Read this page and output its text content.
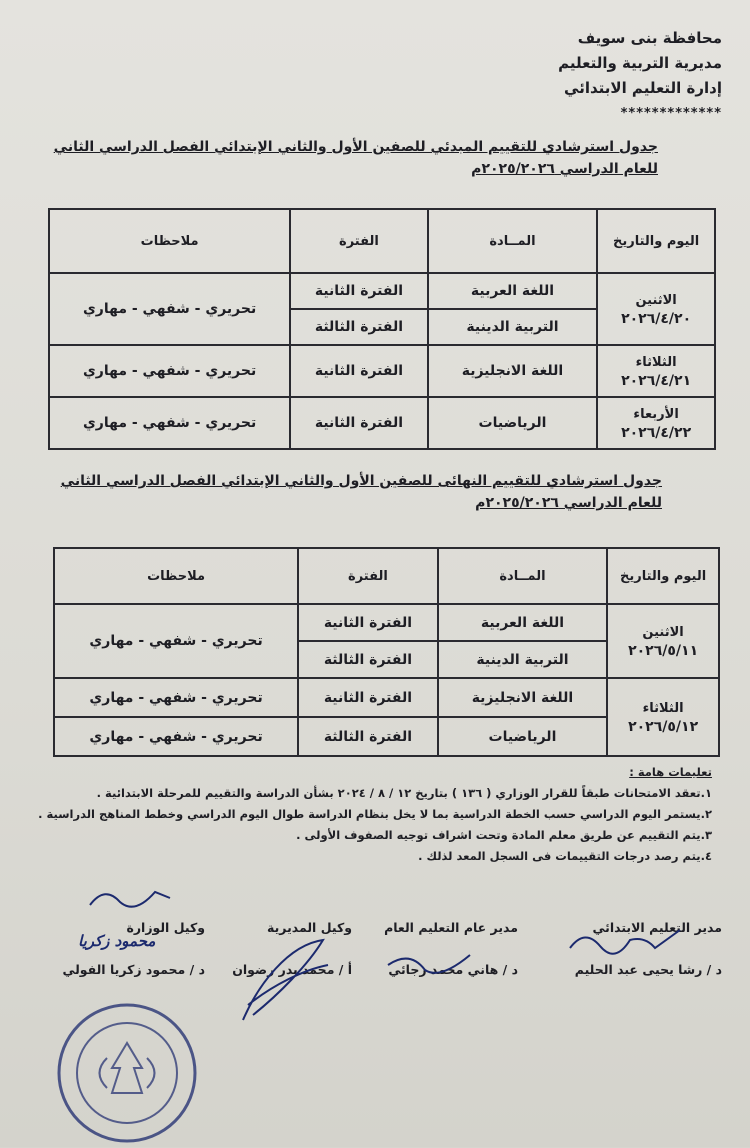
محافظة بنى سويف
مديرية التربية والتعليم
إدارة التعليم الابتدائي
*************
جدول استرشادي للتقييم المبدئي للصفين الأول والثاني الإبتدائي الفصل الدراسي الثاني
للعام الدراسي ٢٠٢٥/٢٠٢٦م
اليوم والتاريخ	المــادة	الفترة	ملاحظات

الاثنين
٢٠٢٦/٤/٢٠	اللغة العربية	الفترة الثانية	تحريري - شفهي - مهاري
	التربية الدينية	الفترة الثالثة	

الثلاثاء
٢٠٢٦/٤/٢١	اللغة الانجليزية	الفترة الثانية	تحريري - شفهي - مهاري

الأربعاء
٢٠٢٦/٤/٢٢	الرياضيات	الفترة الثانية	تحريري - شفهي - مهاري
جدول استرشادي للتقييم النهائى للصفين الأول والثاني الإبتدائي الفصل الدراسي الثاني
للعام الدراسي ٢٠٢٥/٢٠٢٦م
اليوم والتاريخ	المــادة	الفترة	ملاحظات

الاثنين
٢٠٢٦/٥/١١	اللغة العربية	الفترة الثانية	تحريري - شفهي - مهاري
	التربية الدينية	الفترة الثالثة	

الثلاثاء
٢٠٢٦/٥/١٢	اللغة الانجليزية	الفترة الثانية	تحريري - شفهي - مهاري
	الرياضيات	الفترة الثالثة	تحريري - شفهي - مهاري
تعليمات هامة :
١.تعقد الامتحانات طبقاً للقرار الوزاري ( ١٣٦ ) بتاريخ ١٢ / ٨ / ٢٠٢٤ بشأن الدراسة والتقييم للمرحلة الابتدائية .
٢.يستمر اليوم الدراسي حسب الخطة الدراسية بما لا يخل بنظام الدراسة طوال اليوم الدراسي وخطط المناهج الدراسية .
٣.يتم التقييم عن طريق معلم المادة وتحت اشراف توجيه الصفوف الأولى .
٤.يتم رصد درجات التقييمات فى السجل المعد لذلك .
مدير التعليم الابتدائي
د / رشا يحيى عبد الحليم
مدير عام التعليم العام
د / هاني محمد رجائي
وكيل المديرية
أ / محمد بدر رضوان
وكيل الوزارة
د / محمود زكريا الفولي
محمود زكريا
